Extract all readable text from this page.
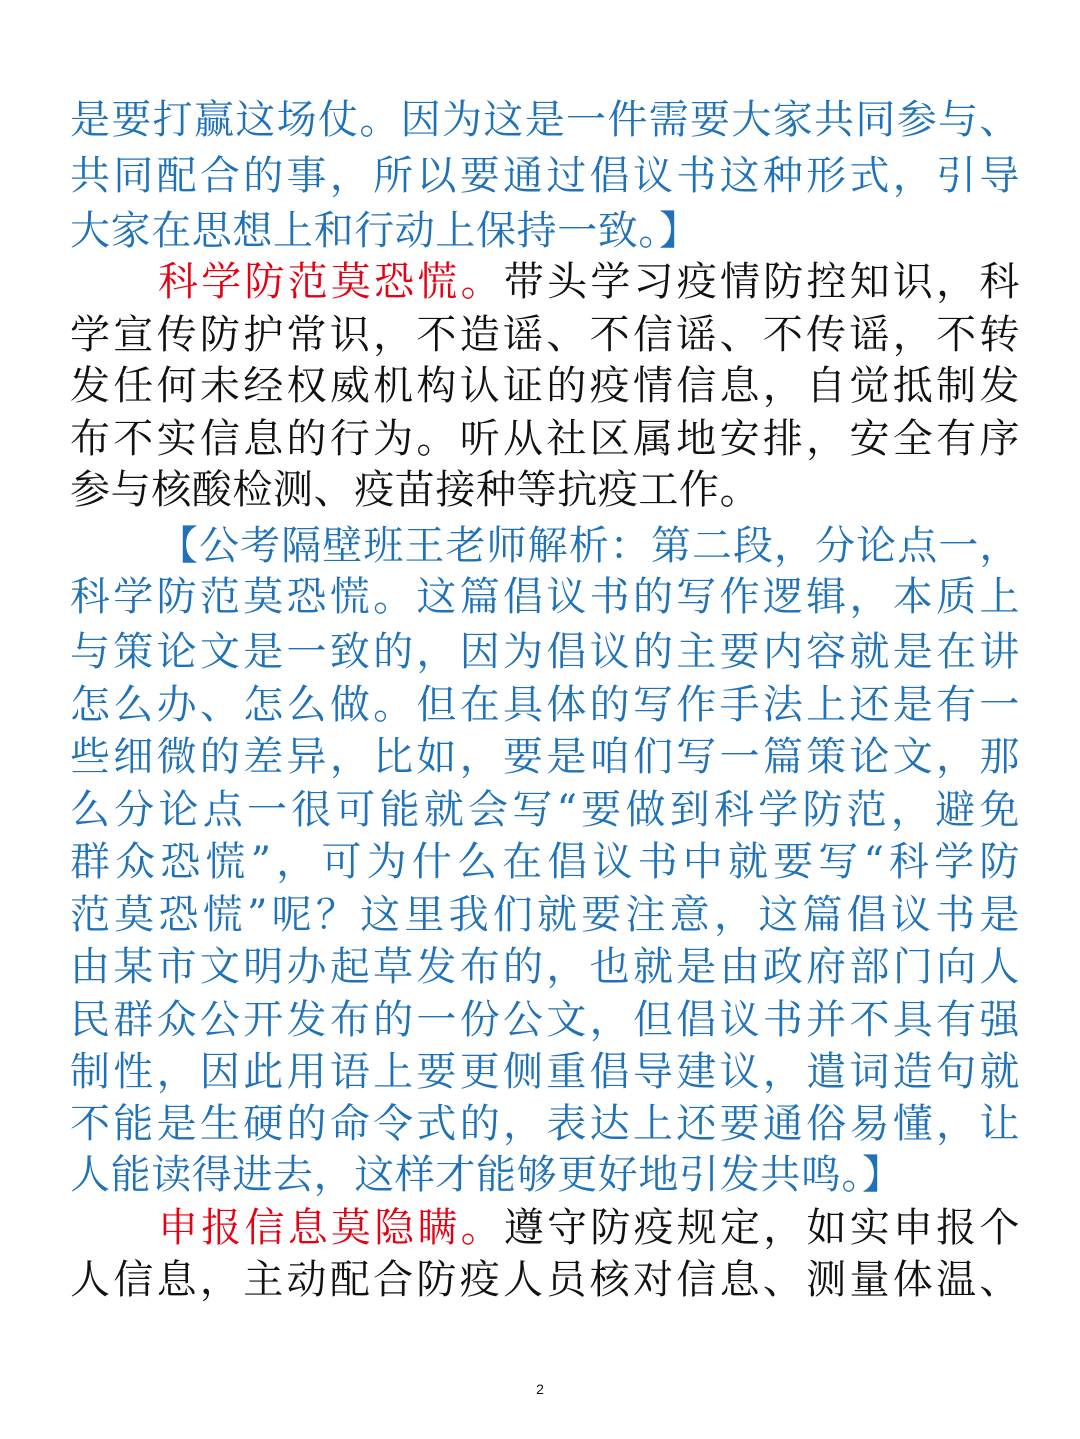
是要打赢这场仗。因为这是一件需要大家共同参与、
共同配合的事，所以要通过倡议书这种形式，引导
大家在思想上和行动上保持一致。】
科学防范莫恐慌。带头学习疫情防控知识，科
学宣传防护常识，不造谣、不信谣、不传谣，不转
发任何未经权威机构认证的疫情信息，自觉抵制发
布不实信息的行为。听从社区属地安排，安全有序
参与核酸检测、疫苗接种等抗疫工作。
【公考隔壁班王老师解析：第二段，分论点一，
科学防范莫恐慌。这篇倡议书的写作逻辑，本质上
与策论文是一致的，因为倡议的主要内容就是在讲
怎么办、怎么做。但在具体的写作手法上还是有一
些细微的差异，比如，要是咱们写一篇策论文，那
么分论点一很可能就会写“要做到科学防范，避免
群众恐慌”，可为什么在倡议书中就要写“科学防
范莫恐慌”呢？这里我们就要注意，这篇倡议书是
由某市文明办起草发布的，也就是由政府部门向人
民群众公开发布的一份公文，但倡议书并不具有强
制性，因此用语上要更侧重倡导建议，遣词造句就
不能是生硬的命令式的，表达上还要通俗易懂，让
人能读得进去，这样才能够更好地引发共鸣。】
申报信息莫隐瞒。遵守防疫规定，如实申报个
人信息，主动配合防疫人员核对信息、测量体温、
2
